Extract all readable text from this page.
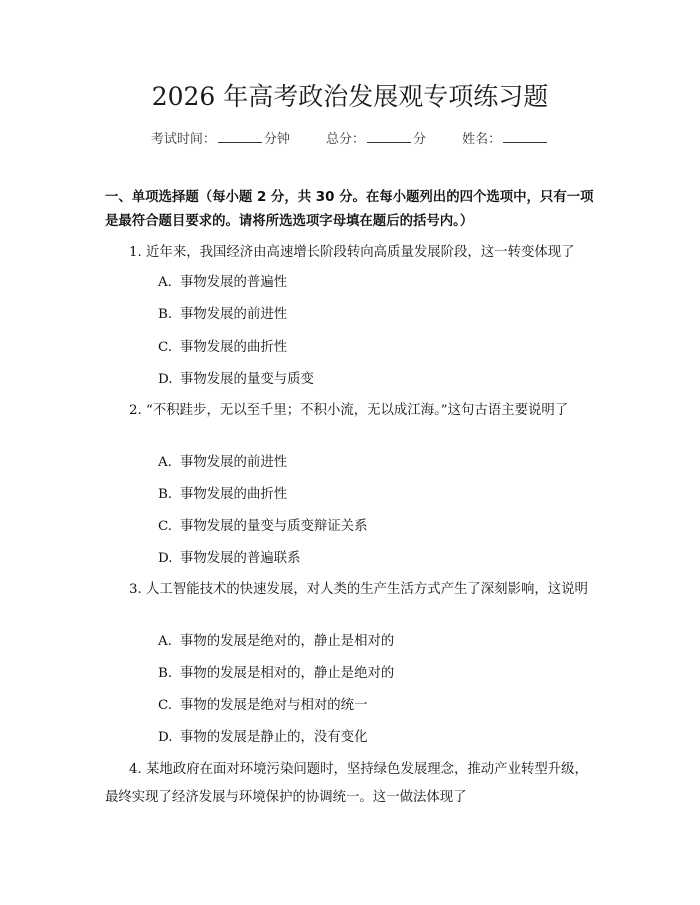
2026 年高考政治发展观专项练习题
考试时间：	分钟	总分：	分	姓名：
一、单项选择题（每小题 2 分，共 30 分。在每小题列出的四个选项中，只有一项是最符合题目要求的。请将所选选项字母填在题后的括号内。）
1. 近年来，我国经济由高速增长阶段转向高质量发展阶段，这一转变体现了
A. 事物发展的普遍性
B. 事物发展的前进性
C. 事物发展的曲折性
D. 事物发展的量变与质变
2. “不积跬步，无以至千里；不积小流，无以成江海。”这句古语主要说明了
A. 事物发展的前进性
B. 事物发展的曲折性
C. 事物发展的量变与质变辩证关系
D. 事物发展的普遍联系
3. 人工智能技术的快速发展，对人类的生产生活方式产生了深刻影响，这说明
A. 事物的发展是绝对的，静止是相对的
B. 事物的发展是相对的，静止是绝对的
C. 事物的发展是绝对与相对的统一
D. 事物的发展是静止的，没有变化
4. 某地政府在面对环境污染问题时，坚持绿色发展理念，推动产业转型升级，最终实现了经济发展与环境保护的协调统一。这一做法体现了
